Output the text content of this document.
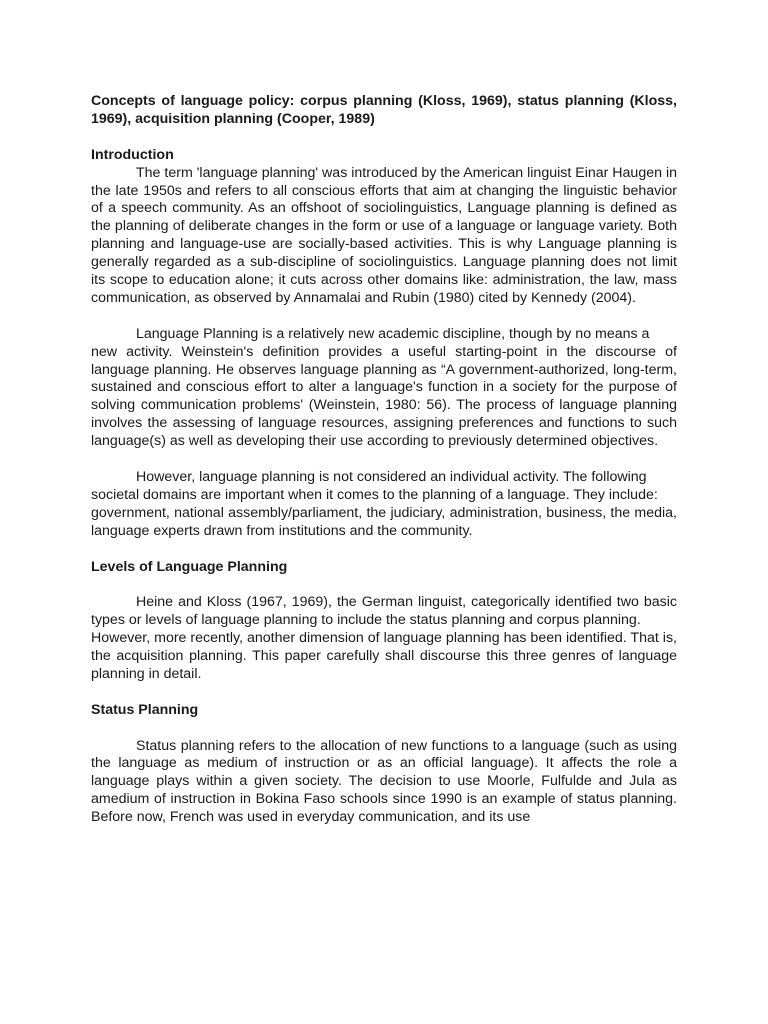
Concepts of language policy: corpus planning (Kloss, 1969), status planning (Kloss, 1969), acquisition planning (Cooper, 1989)

Introduction

The term 'language planning' was introduced by the American linguist Einar Haugen in the late 1950s and refers to all conscious efforts that aim at changing the linguistic behavior of a speech community. As an offshoot of sociolinguistics, Language planning is defined as the planning of deliberate changes in the form or use of a language or language variety. Both planning and language-use are socially-based activities. This is why Language planning is generally regarded as a sub-discipline of sociolinguistics. Language planning does not limit its scope to education alone; it cuts across other domains like: administration, the law, mass communication, as observed by Annamalai and Rubin (1980) cited by Kennedy (2004).

Language Planning is a relatively new academic discipline, though by no means a

new activity. Weinstein's definition provides a useful starting-point in the discourse of language planning. He observes language planning as “A government-authorized, long-term, sustained and conscious effort to alter a language's function in a society for the purpose of solving communication problems' (Weinstein, 1980: 56). The process of language planning involves the assessing of language resources, assigning preferences and functions to such language(s) as well as developing their use according to previously determined objectives.

However, language planning is not considered an individual activity. The following

societal domains are important when it comes to the planning of a language. They include:

government, national assembly/parliament, the judiciary, administration, business, the media, language experts drawn from institutions and the community.

Levels of Language Planning

Heine and Kloss (1967, 1969), the German linguist, categorically identified two basic types or levels of language planning to include the status planning and corpus planning.

However, more recently, another dimension of language planning has been identified. That is, the acquisition planning. This paper carefully shall discourse this three genres of language planning in detail.

Status Planning

Status planning refers to the allocation of new functions to a language (such as using the language as medium of instruction or as an official language). It affects the role a language plays within a given society. The decision to use Moorle, Fulfulde and Jula as amedium of instruction in Bokina Faso schools since 1990 is an example of status planning. Before now, French was used in everyday communication, and its use
